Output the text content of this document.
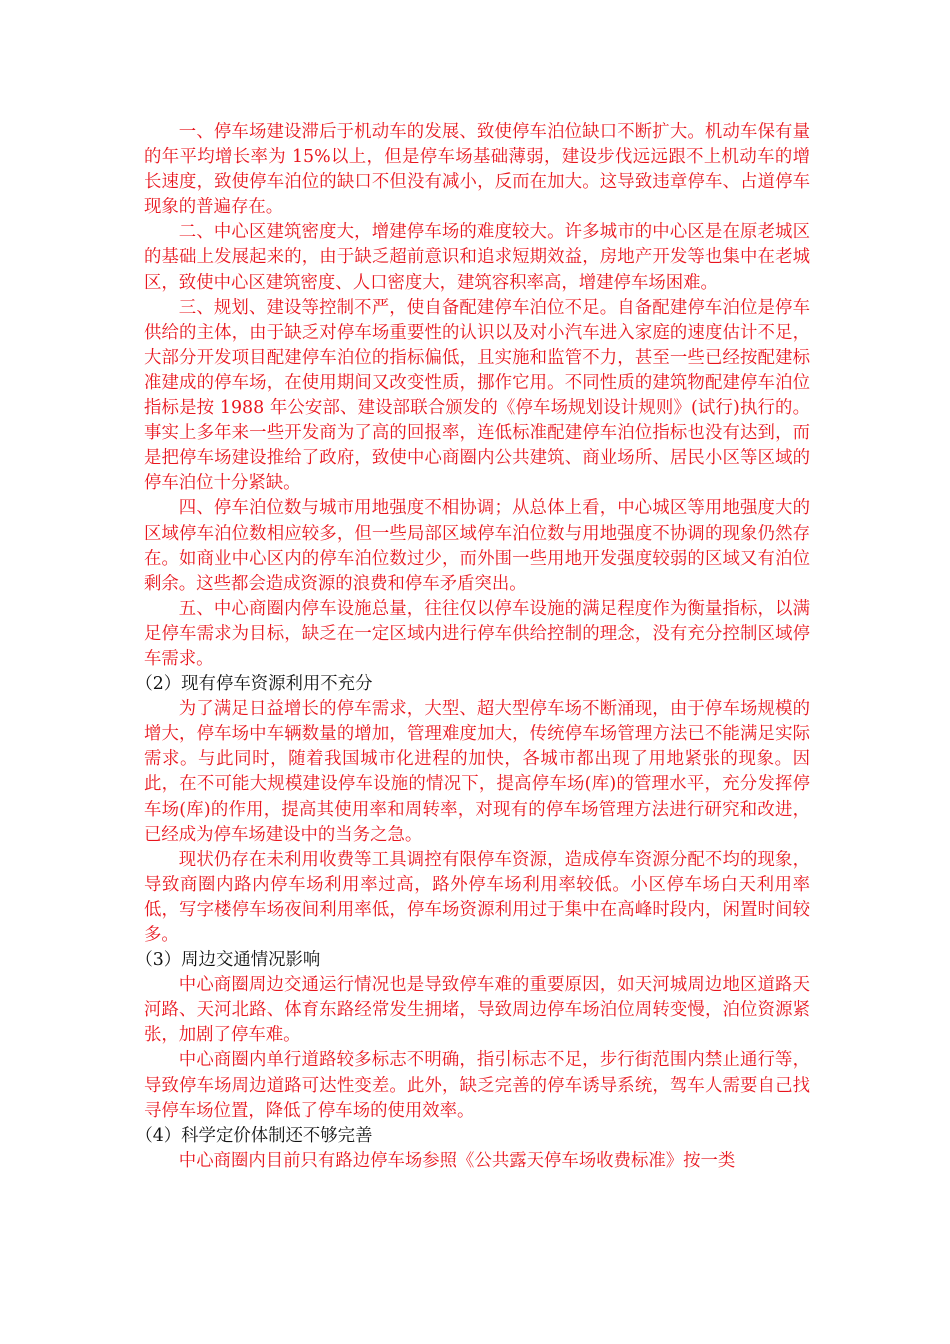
一、停车场建设滞后于机动车的发展、致使停车泊位缺口不断扩大。机动车保有量的年平均增长率为 15%以上，但是停车场基础薄弱，建设步伐远远跟不上机动车的增长速度，致使停车泊位的缺口不但没有减小，反而在加大。这导致违章停车、占道停车现象的普遍存在。

二、中心区建筑密度大，增建停车场的难度较大。许多城市的中心区是在原老城区的基础上发展起来的，由于缺乏超前意识和追求短期效益，房地产开发等也集中在老城区，致使中心区建筑密度、人口密度大，建筑容积率高，增建停车场困难。

三、规划、建设等控制不严，使自备配建停车泊位不足。自备配建停车泊位是停车供给的主体，由于缺乏对停车场重要性的认识以及对小汽车进入家庭的速度估计不足，大部分开发项目配建停车泊位的指标偏低，且实施和监管不力，甚至一些已经按配建标准建成的停车场，在使用期间又改变性质，挪作它用。不同性质的建筑物配建停车泊位指标是按 1988 年公安部、建设部联合颁发的《停车场规划设计规则》(试行)执行的。事实上多年来一些开发商为了高的回报率，连低标准配建停车泊位指标也没有达到，而是把停车场建设推给了政府，致使中心商圈内公共建筑、商业场所、居民小区等区域的停车泊位十分紧缺。

四、停车泊位数与城市用地强度不相协调；从总体上看，中心城区等用地强度大的区域停车泊位数相应较多，但一些局部区域停车泊位数与用地强度不协调的现象仍然存在。如商业中心区内的停车泊位数过少，而外围一些用地开发强度较弱的区域又有泊位剩余。这些都会造成资源的浪费和停车矛盾突出。

五、中心商圈内停车设施总量，往往仅以停车设施的满足程度作为衡量指标，以满足停车需求为目标，缺乏在一定区域内进行停车供给控制的理念，没有充分控制区域停车需求。

（2）现有停车资源利用不充分

为了满足日益增长的停车需求，大型、超大型停车场不断涌现，由于停车场规模的增大，停车场中车辆数量的增加，管理难度加大，传统停车场管理方法已不能满足实际需求。与此同时，随着我国城市化进程的加快，各城市都出现了用地紧张的现象。因此，在不可能大规模建设停车设施的情况下，提高停车场(库)的管理水平，充分发挥停车场(库)的作用，提高其使用率和周转率，对现有的停车场管理方法进行研究和改进，已经成为停车场建设中的当务之急。

现状仍存在未利用收费等工具调控有限停车资源，造成停车资源分配不均的现象，导致商圈内路内停车场利用率过高，路外停车场利用率较低。小区停车场白天利用率低，写字楼停车场夜间利用率低，停车场资源利用过于集中在高峰时段内，闲置时间较多。

（3）周边交通情况影响

中心商圈周边交通运行情况也是导致停车难的重要原因，如天河城周边地区道路天河路、天河北路、体育东路经常发生拥堵，导致周边停车场泊位周转变慢，泊位资源紧张，加剧了停车难。

中心商圈内单行道路较多标志不明确，指引标志不足，步行街范围内禁止通行等，导致停车场周边道路可达性变差。此外，缺乏完善的停车诱导系统，驾车人需要自己找寻停车场位置，降低了停车场的使用效率。

（4）科学定价体制还不够完善

中心商圈内目前只有路边停车场参照《公共露天停车场收费标准》按一类
